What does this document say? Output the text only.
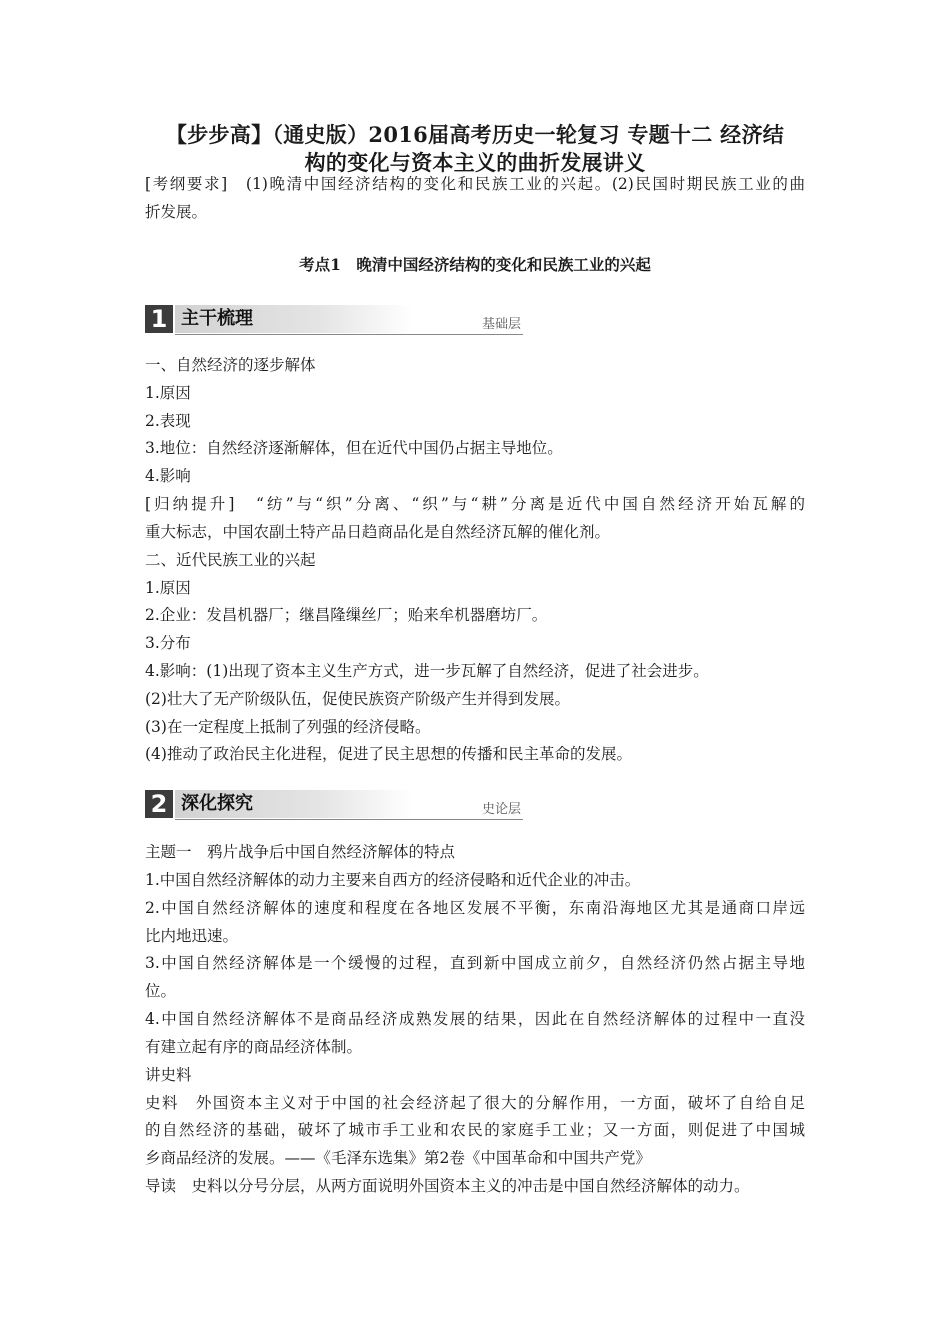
【步步高】（通史版）2016届高考历史一轮复习 专题十二 经济结
构的变化与资本主义的曲折发展讲义
[考纲要求]　(1)晚清中国经济结构的变化和民族工业的兴起。(2)民国时期民族工业的曲
折发展。
考点1　晚清中国经济结构的变化和民族工业的兴起
1 主干梳理	基础层
一、自然经济的逐步解体
1.原因
2.表现
3.地位：自然经济逐渐解体，但在近代中国仍占据主导地位。
4.影响
[归纳提升]　“纺”与“织”分离、“织”与“耕”分离是近代中国自然经济开始瓦解的
重大标志，中国农副土特产品日趋商品化是自然经济瓦解的催化剂。
二、近代民族工业的兴起
1.原因
2.企业：发昌机器厂；继昌隆缫丝厂；贻来牟机器磨坊厂。
3.分布
4.影响：(1)出现了资本主义生产方式，进一步瓦解了自然经济，促进了社会进步。
(2)壮大了无产阶级队伍，促使民族资产阶级产生并得到发展。
(3)在一定程度上抵制了列强的经济侵略。
(4)推动了政治民主化进程，促进了民主思想的传播和民主革命的发展。
2 深化探究	史论层
主题一　鸦片战争后中国自然经济解体的特点
1.中国自然经济解体的动力主要来自西方的经济侵略和近代企业的冲击。
2.中国自然经济解体的速度和程度在各地区发展不平衡，东南沿海地区尤其是通商口岸远
比内地迅速。
3.中国自然经济解体是一个缓慢的过程，直到新中国成立前夕，自然经济仍然占据主导地
位。
4.中国自然经济解体不是商品经济成熟发展的结果，因此在自然经济解体的过程中一直没
有建立起有序的商品经济体制。
讲史料
史料　外国资本主义对于中国的社会经济起了很大的分解作用，一方面，破坏了自给自足
的自然经济的基础，破坏了城市手工业和农民的家庭手工业；又一方面，则促进了中国城
乡商品经济的发展。——《毛泽东选集》第2卷《中国革命和中国共产党》
导读　史料以分号分层，从两方面说明外国资本主义的冲击是中国自然经济解体的动力。
